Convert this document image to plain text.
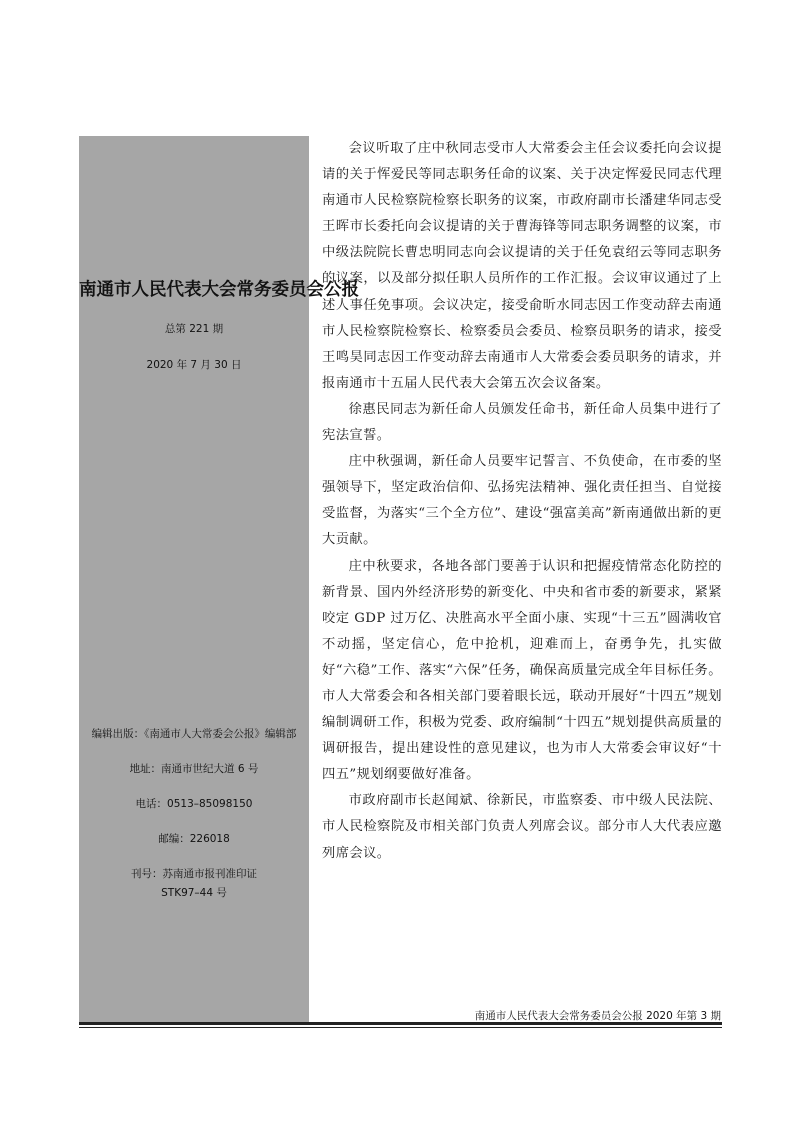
南通市人民代表大会常务委员会公报
总第 221 期
2020 年 7 月 30 日
编辑出版：《南通市人大常委会公报》编辑部
地址：南通市世纪大道 6 号
电话：0513–85098150
邮编：226018
刊号：苏南通市报刊准印证
STK97–44 号

会议听取了庄中秋同志受市人大常委会主任会议委托向会议提请的关于恽爱民等同志职务任命的议案、关于决定恽爱民同志代理南通市人民检察院检察长职务的议案，市政府副市长潘建华同志受王晖市长委托向会议提请的关于曹海锋等同志职务调整的议案，市中级法院院长曹忠明同志向会议提请的关于任免袁绍云等同志职务的议案，以及部分拟任职人员所作的工作汇报。会议审议通过了上述人事任免事项。会议决定，接受俞昕水同志因工作变动辞去南通市人民检察院检察长、检察委员会委员、检察员职务的请求，接受王鸣昊同志因工作变动辞去南通市人大常委会委员职务的请求，并报南通市十五届人民代表大会第五次会议备案。

徐惠民同志为新任命人员颁发任命书，新任命人员集中进行了宪法宣誓。

庄中秋强调，新任命人员要牢记誓言、不负使命，在市委的坚强领导下，坚定政治信仰、弘扬宪法精神、强化责任担当、自觉接受监督，为落实“三个全方位”、建设“强富美高”新南通做出新的更大贡献。

庄中秋要求，各地各部门要善于认识和把握疫情常态化防控的新背景、国内外经济形势的新变化、中央和省市委的新要求，紧紧咬定 GDP 过万亿、决胜高水平全面小康、实现“十三五”圆满收官不动摇，坚定信心，危中抢机，迎难而上，奋勇争先，扎实做好“六稳”工作、落实“六保”任务，确保高质量完成全年目标任务。市人大常委会和各相关部门要着眼长远，联动开展好“十四五”规划编制调研工作，积极为党委、政府编制“十四五”规划提供高质量的调研报告，提出建设性的意见建议，也为市人大常委会审议好“十四五”规划纲要做好准备。

市政府副市长赵闻斌、徐新民，市监察委、市中级人民法院、市人民检察院及市相关部门负责人列席会议。部分市人大代表应邀列席会议。

南通市人民代表大会常务委员会公报 2020 年第 3 期
